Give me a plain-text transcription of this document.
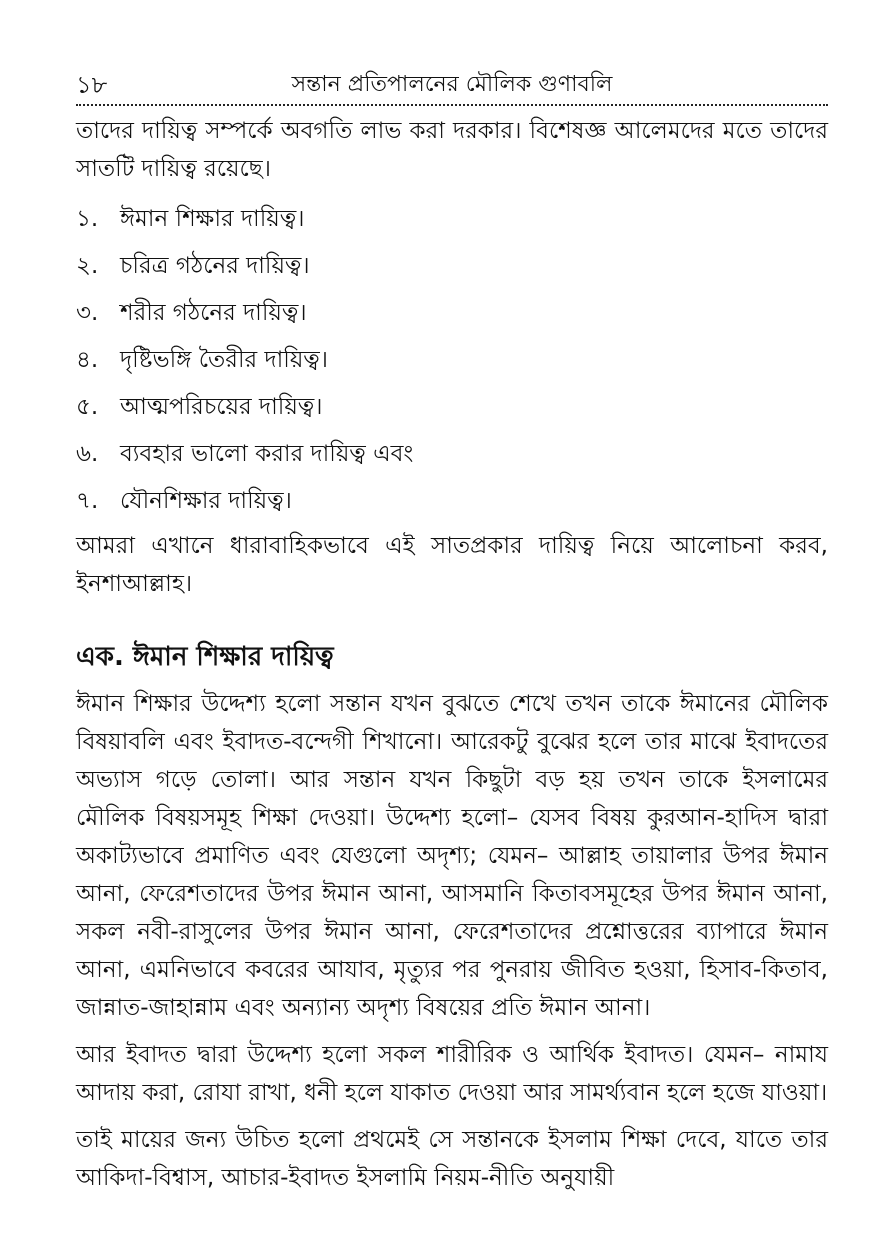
১৮	সন্তান প্রতিপালনের মৌলিক গুণাবলি

তাদের দায়িত্ব সম্পর্কে অবগতি লাভ করা দরকার। বিশেষজ্ঞ আলেমদের মতে তাদের সাতটি দায়িত্ব রয়েছে।

১. ঈমান শিক্ষার দায়িত্ব।
২. চরিত্র গঠনের দায়িত্ব।
৩. শরীর গঠনের দায়িত্ব।
৪. দৃষ্টিভঙ্গি তৈরীর দায়িত্ব।
৫. আত্মপরিচয়ের দায়িত্ব।
৬. ব্যবহার ভালো করার দায়িত্ব এবং
৭. যৌনশিক্ষার দায়িত্ব।

আমরা এখানে ধারাবাহিকভাবে এই সাতপ্রকার দায়িত্ব নিয়ে আলোচনা করব, ইনশাআল্লাহ।

এক. ঈমান শিক্ষার দায়িত্ব

ঈমান শিক্ষার উদ্দেশ্য হলো সন্তান যখন বুঝতে শেখে তখন তাকে ঈমানের মৌলিক বিষয়াবলি এবং ইবাদত-বন্দেগী শিখানো। আরেকটু বুঝের হলে তার মাঝে ইবাদতের অভ্যাস গড়ে তোলা। আর সন্তান যখন কিছুটা বড় হয় তখন তাকে ইসলামের মৌলিক বিষয়সমূহ শিক্ষা দেওয়া। উদ্দেশ্য হলো– যেসব বিষয় কুরআন-হাদিস দ্বারা অকাট্যভাবে প্রমাণিত এবং যেগুলো অদৃশ্য; যেমন– আল্লাহ তায়ালার উপর ঈমান আনা, ফেরেশতাদের উপর ঈমান আনা, আসমানি কিতাবসমূহের উপর ঈমান আনা, সকল নবী-রাসুলের উপর ঈমান আনা, ফেরেশতাদের প্রশ্নোত্তরের ব্যাপারে ঈমান আনা, এমনিভাবে কবরের আযাব, মৃত্যুর পর পুনরায় জীবিত হওয়া, হিসাব-কিতাব, জান্নাত-জাহান্নাম এবং অন্যান্য অদৃশ্য বিষয়ের প্রতি ঈমান আনা।

আর ইবাদত দ্বারা উদ্দেশ্য হলো সকল শারীরিক ও আর্থিক ইবাদত। যেমন– নামায আদায় করা, রোযা রাখা, ধনী হলে যাকাত দেওয়া আর সামর্থ্যবান হলে হজে যাওয়া।

তাই মায়ের জন্য উচিত হলো প্রথমেই সে সন্তানকে ইসলাম শিক্ষা দেবে, যাতে তার আকিদা-বিশ্বাস, আচার-ইবাদত ইসলামি নিয়ম-নীতি অনুযায়ী
